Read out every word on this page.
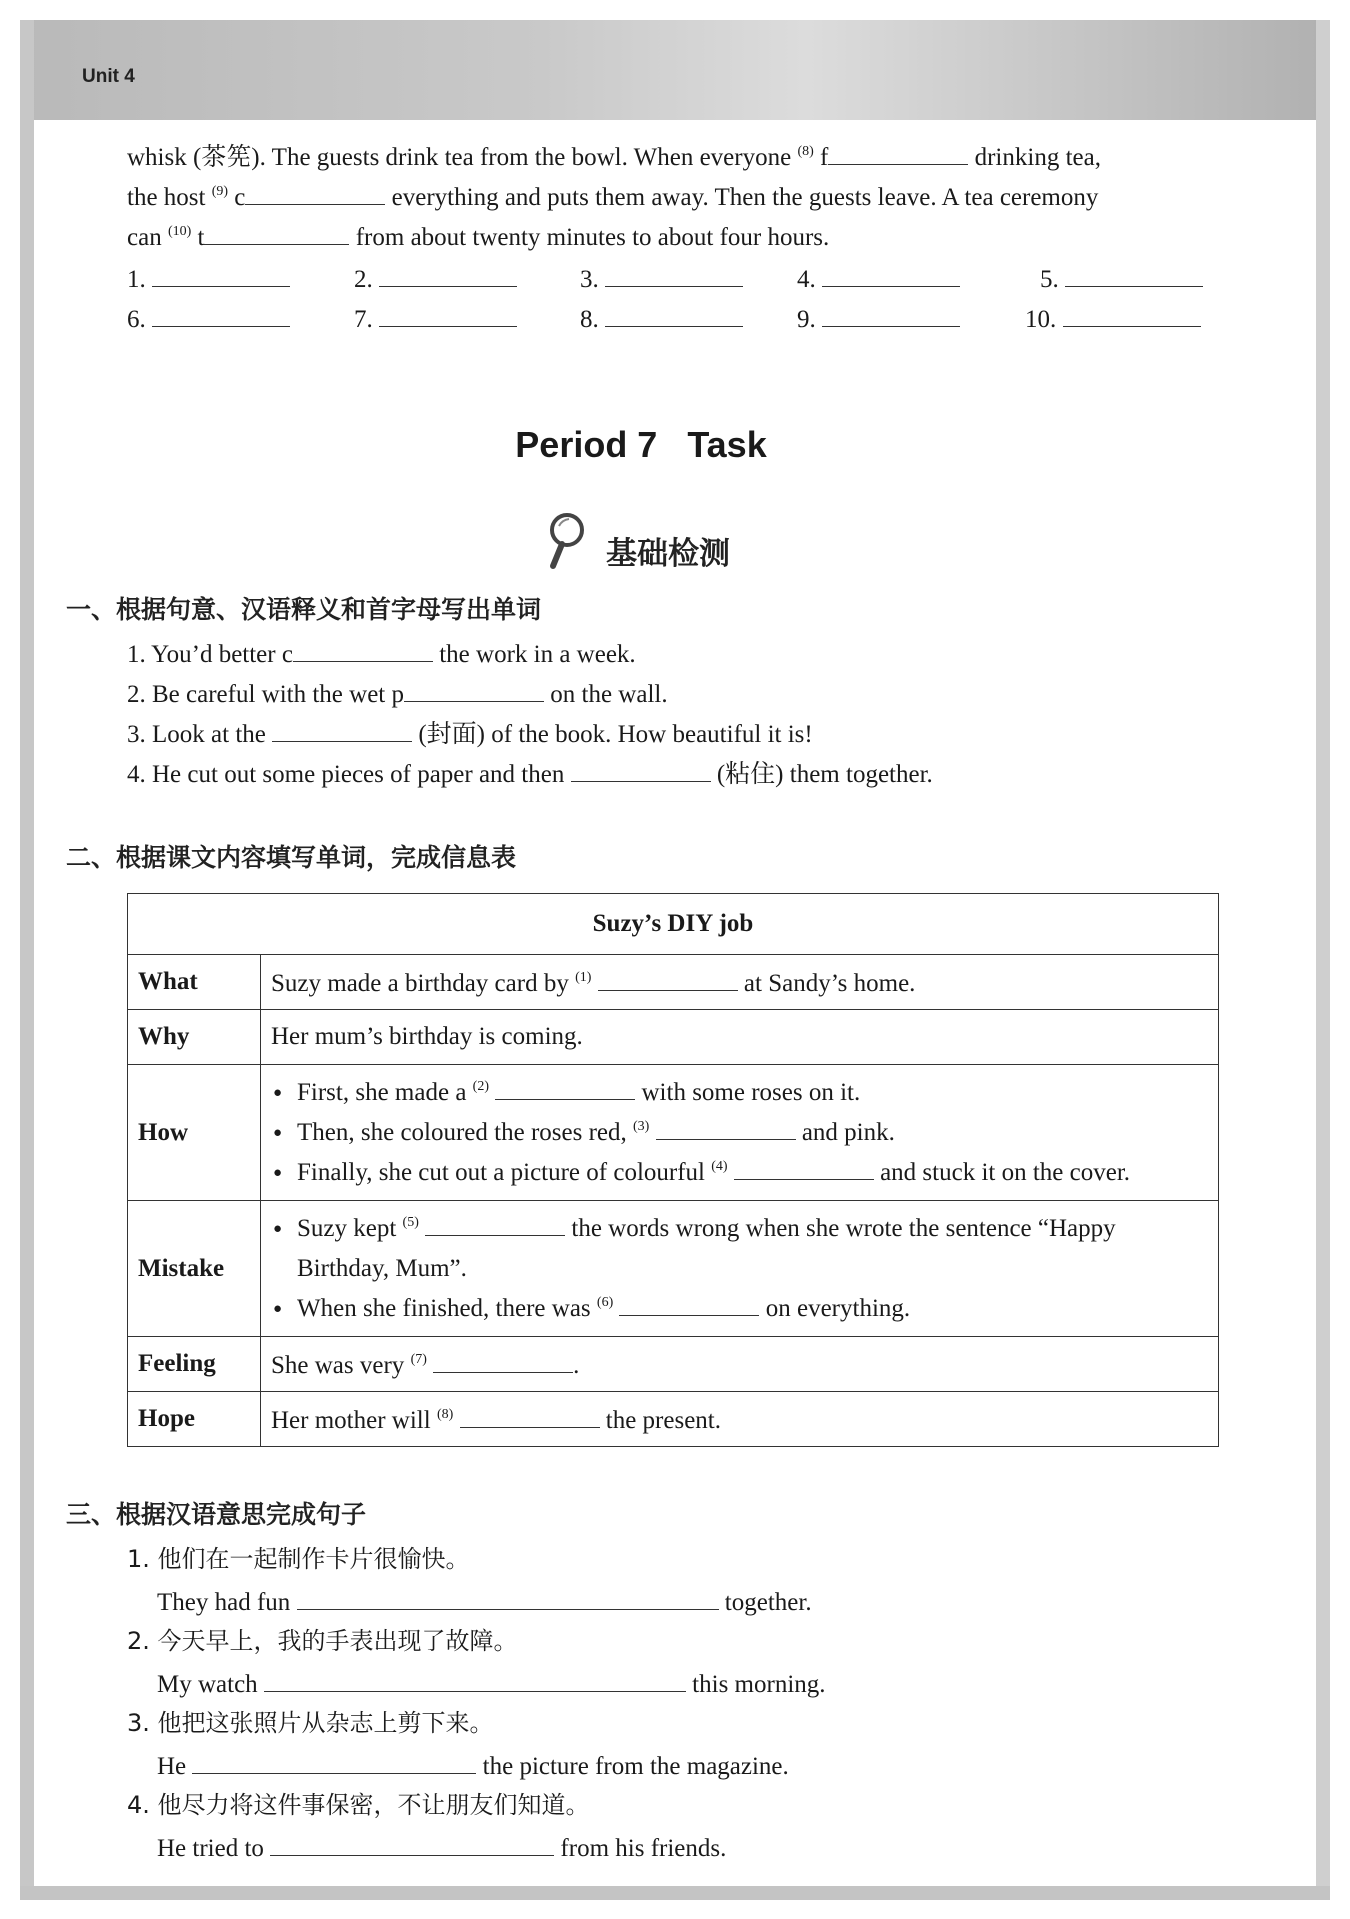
Unit 4
whisk (茶筅). The guests drink tea from the bowl. When everyone $^{(8)}$ f	drinking tea,
the host $^{(9)}$ c	everything and puts them away. Then the guests leave. A tea ceremony
can $^{(10)}$ t	from about twenty minutes to about four hours.
1.	2.	3.	4.	5.
6.	7.	8.	9.	10.
Period 7   Task
基础检测
一、根据句意、汉语释义和首字母写出单词
1. You’d better c	the work in a week.
2. Be careful with the wet p	on the wall.
3. Look at the	(封面) of the book. How beautiful it is!
4. He cut out some pieces of paper and then	(粘住) them together.
二、根据课文内容填写单词，完成信息表
Suzy’s DIY job	
What	Suzy made a birthday card by $^{(1)}$ at Sandy’s home.
Why	Her mum’s birthday is coming.
How	● First, she made a $^{(2)}$ with some roses on it.
● Then, she coloured the roses red, $^{(3)}$ and pink.
● Finally, she cut out a picture of colourful $^{(4)}$ and stuck it on the cover.

Mistake	● Suzy kept $^{(5)}$ the words wrong when she wrote the sentence “Happy
Birthday, Mum”.
● When she finished, there was $^{(6)}$ on everything.

Feeling	She was very $^{(7)}$ .
Hope	Her mother will $^{(8)}$ the present.
三、根据汉语意思完成句子
1. 他们在一起制作卡片很愉快。
They had fun	together.
2. 今天早上，我的手表出现了故障。
My watch	this morning.
3. 他把这张照片从杂志上剪下来。
He	the picture from the magazine.
4. 他尽力将这件事保密，不让朋友们知道。
He tried to	from his friends.
